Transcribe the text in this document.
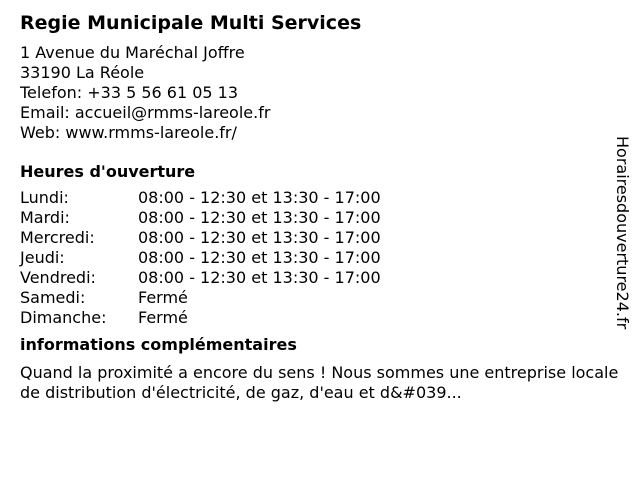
Regie Municipale Multi Services
1 Avenue du Maréchal Joffre
33190 La Réole
Telefon: +33 5 56 61 05 13
Email: accueil@rmms-lareole.fr
Web: www.rmms-lareole.fr/
Heures d'ouverture
Lundi:	08:00 - 12:30 et 13:30 - 17:00
Mardi:	08:00 - 12:30 et 13:30 - 17:00
Mercredi:	08:00 - 12:30 et 13:30 - 17:00
Jeudi:	08:00 - 12:30 et 13:30 - 17:00
Vendredi:	08:00 - 12:30 et 13:30 - 17:00
Samedi:	Fermé
Dimanche:	Fermé
informations complémentaires
Quand la proximité a encore du sens ! Nous sommes une entreprise locale de distribution d'électricité, de gaz, d'eau et d&#039...
Horairesdouverture24.fr
